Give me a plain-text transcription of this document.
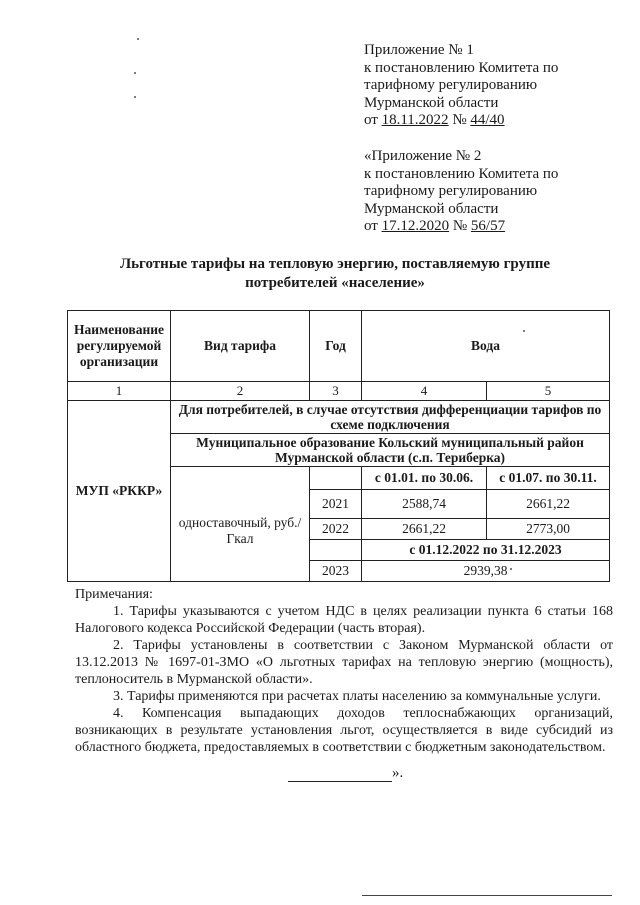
Приложение № 1
к постановлению Комитета по
тарифному регулированию
Мурманской области
от 18.11.2022 № 44/40
«Приложение № 2
к постановлению Комитета по
тарифному регулированию
Мурманской области
от 17.12.2020 № 56/57
Льготные тарифы на тепловую энергию, поставляемую группе
потребителей «население»
Наименование регулируемой организации	Вид тарифа	Год	Вода	
1	2	3	4	5
МУП «РККР»	Для потребителей, в случае отсутствия дифференциации тарифов по схеме подключения			
	Муниципальное образование Кольский муниципальный район Мурманской области (с.п. Териберка)			
	одноставочный, руб./Гкал		с 01.01. по 30.06.	с 01.07. по 30.11.
		2021	2588,74	2661,22
		2022	2661,22	2773,00
			с 01.12.2022 по 31.12.2023	
		2023	2939,38	

Примечания:

1. Тарифы указываются с учетом НДС в целях реализации пункта 6 статьи 168 Налогового кодекса Российской Федерации (часть вторая).

2. Тарифы установлены в соответствии с Законом Мурманской области от 13.12.2013 № 1697-01-ЗМО «О льготных тарифах на тепловую энергию (мощность), теплоноситель в Мурманской области».

3. Тарифы применяются при расчетах платы населению за коммунальные услуги.

4. Компенсация выпадающих доходов теплоснабжающих организаций, возникающих в результате установления льгот, осуществляется в виде субсидий из областного бюджета, предоставляемых в соответствии с бюджетным законодательством.

».
